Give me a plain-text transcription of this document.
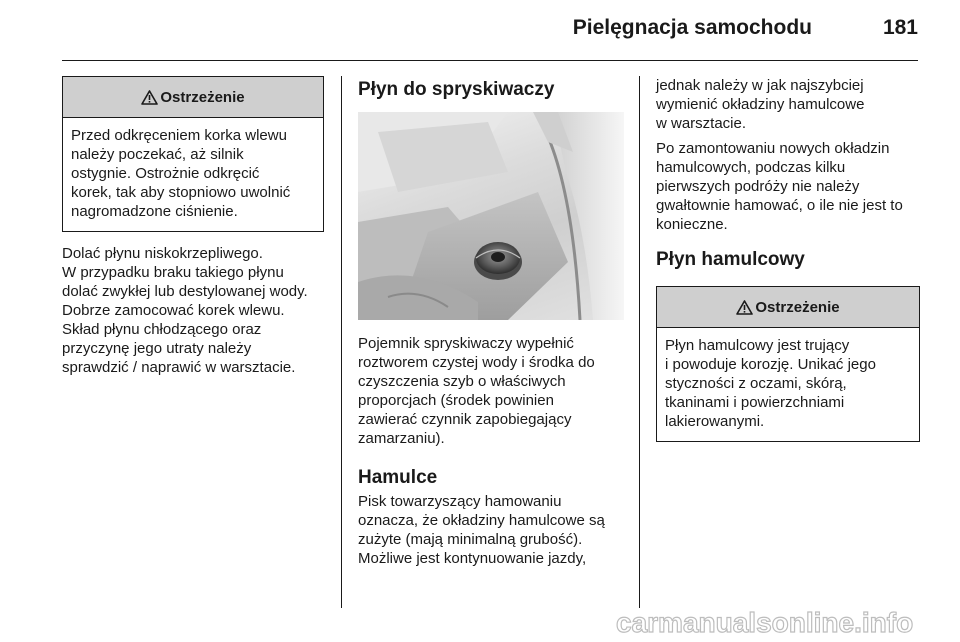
Pielęgnacja samochodu	181
Ostrzeżenie
Przed odkręceniem korka wlewu
należy poczekać, aż silnik
ostygnie. Ostrożnie odkręcić
korek, tak aby stopniowo uwolnić
nagromadzone ciśnienie.
Dolać płynu niskokrzepliwego.
W przypadku braku takiego płynu
dolać zwykłej lub destylowanej wody.
Dobrze zamocować korek wlewu.
Skład płynu chłodzącego oraz
przyczynę jego utraty należy
sprawdzić / naprawić w warsztacie.
Płyn do spryskiwaczy
Pojemnik spryskiwaczy wypełnić
roztworem czystej wody i środka do
czyszczenia szyb o właściwych
proporcjach (środek powinien
zawierać czynnik zapobiegający
zamarzaniu).
Hamulce
Pisk towarzyszący hamowaniu
oznacza, że okładziny hamulcowe są
zużyte (mają minimalną grubość).
Możliwe jest kontynuowanie jazdy,
jednak należy w jak najszybciej
wymienić okładziny hamulcowe
w warsztacie.
Po zamontowaniu nowych okładzin
hamulcowych, podczas kilku
pierwszych podróży nie należy
gwałtownie hamować, o ile nie jest to
konieczne.
Płyn hamulcowy
Ostrzeżenie
Płyn hamulcowy jest trujący
i powoduje korozję. Unikać jego
styczności z oczami, skórą,
tkaninami i powierzchniami
lakierowanymi.
carmanualsonline.info
